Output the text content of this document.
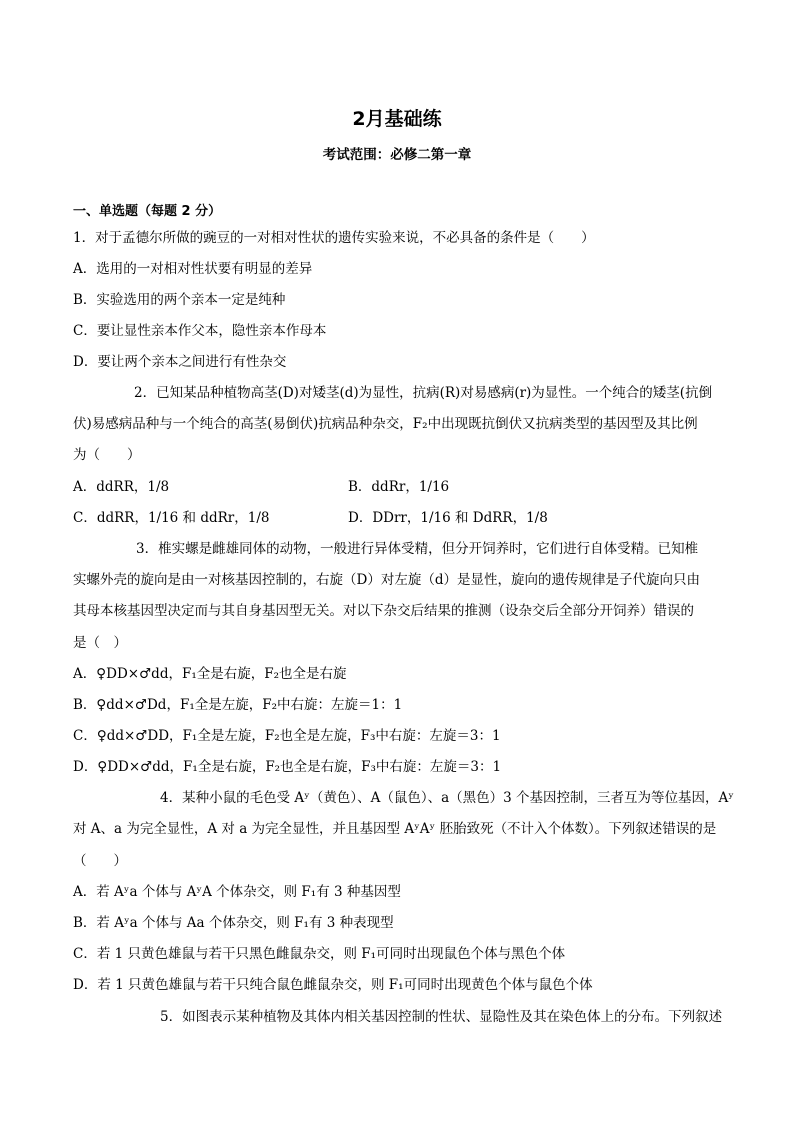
2月基础练
考试范围：必修二第一章
一、单选题（每题 2 分）
1．对于孟德尔所做的豌豆的一对相对性状的遗传实验来说，不必具备的条件是（　　）
A．选用的一对相对性状要有明显的差异
B．实验选用的两个亲本一定是纯种
C．要让显性亲本作父本，隐性亲本作母本
D．要让两个亲本之间进行有性杂交
2．已知某品种植物高茎(D)对矮茎(d)为显性，抗病(R)对易感病(r)为显性。一个纯合的矮茎(抗倒
伏)易感病品种与一个纯合的高茎(易倒伏)抗病品种杂交，F₂中出现既抗倒伏又抗病类型的基因型及其比例
为（　　）
A．ddRR，1/8	B．ddRr，1/16
C．ddRR，1/16 和 ddRr，1/8	D．DDrr，1/16 和 DdRR，1/8
3．椎实螺是雌雄同体的动物，一般进行异体受精，但分开饲养时，它们进行自体受精。已知椎
实螺外壳的旋向是由一对核基因控制的，右旋（D）对左旋（d）是显性，旋向的遗传规律是子代旋向只由
其母本核基因型决定而与其自身基因型无关。对以下杂交后结果的推测（设杂交后全部分开饲养）错误的
是（　）
A．♀DD×♂dd，F₁全是右旋，F₂也全是右旋
B．♀dd×♂Dd，F₁全是左旋，F₂中右旋：左旋＝1：1
C．♀dd×♂DD，F₁全是左旋，F₂也全是左旋，F₃中右旋：左旋＝3：1
D．♀DD×♂dd，F₁全是右旋，F₂也全是右旋，F₃中右旋：左旋＝3：1
4．某种小鼠的毛色受 Aʸ（黄色）、A（鼠色）、a（黑色）3 个基因控制，三者互为等位基因，Aʸ
对 A、a 为完全显性，A 对 a 为完全显性，并且基因型 AʸAʸ 胚胎致死（不计入个体数）。下列叙述错误的是
（　　）
A．若 Aʸa 个体与 AʸA 个体杂交，则 F₁有 3 种基因型
B．若 Aʸa 个体与 Aa 个体杂交，则 F₁有 3 种表现型
C．若 1 只黄色雄鼠与若干只黑色雌鼠杂交，则 F₁可同时出现鼠色个体与黑色个体
D．若 1 只黄色雄鼠与若干只纯合鼠色雌鼠杂交，则 F₁可同时出现黄色个体与鼠色个体
5．如图表示某种植物及其体内相关基因控制的性状、显隐性及其在染色体上的分布。下列叙述
